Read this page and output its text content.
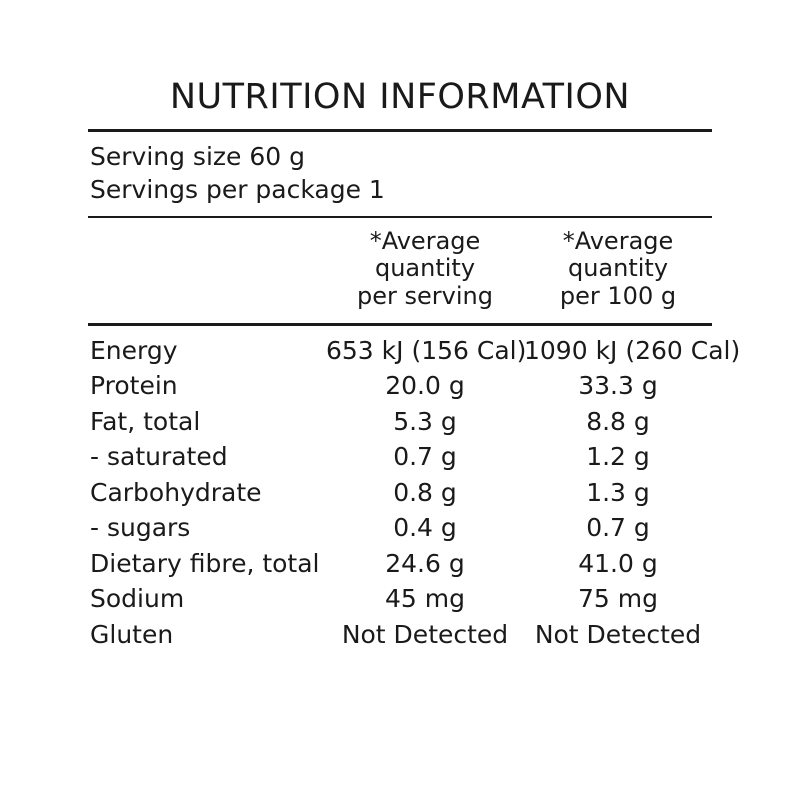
NUTRITION INFORMATION
Serving size 60 g
Servings per package 1

*Average
quantity
per serving

*Average
quantity
per 100 g

Energy	653 kJ (156 Cal)	1090 kJ (260 Cal)
Protein	20.0 g	33.3 g
Fat, total	5.3 g	8.8 g
- saturated	0.7 g	1.2 g
Carbohydrate	0.8 g	1.3 g
- sugars	0.4 g	0.7 g
Dietary fibre, total	24.6 g	41.0 g
Sodium	45 mg	75 mg
Gluten	Not Detected	Not Detected
